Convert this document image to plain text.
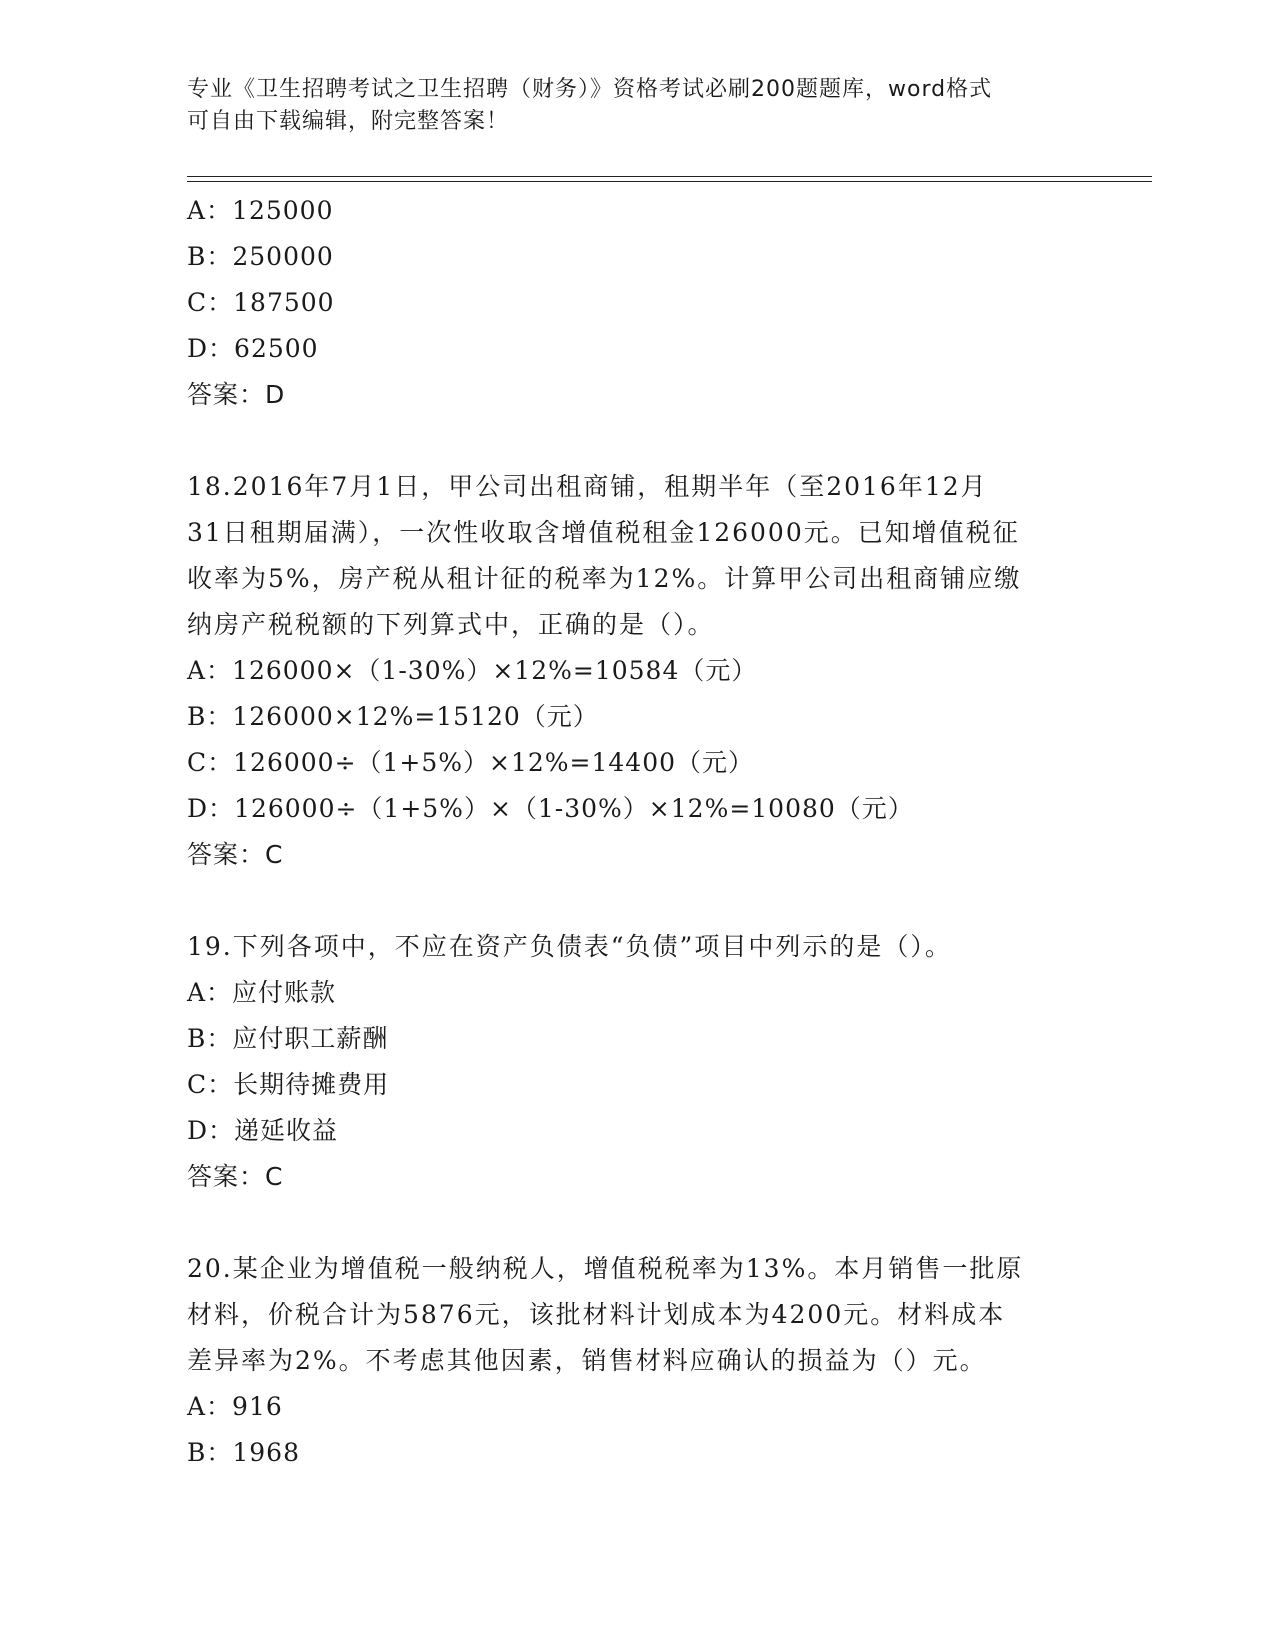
专业《卫生招聘考试之卫生招聘（财务）》资格考试必刷200题题库，word格式
可自由下载编辑，附完整答案！
A：125000
B：250000
C：187500
D：62500
答案：D
18.2016年7月1日，甲公司出租商铺，租期半年（至2016年12月
31日租期届满），一次性收取含增值税租金126000元。已知增值税征
收率为5%，房产税从租计征的税率为12%。计算甲公司出租商铺应缴
纳房产税税额的下列算式中，正确的是（）。
A：126000×（1-30%）×12%=10584（元）
B：126000×12%=15120（元）
C：126000÷（1+5%）×12%=14400（元）
D：126000÷（1+5%）×（1-30%）×12%=10080（元）
答案：C
19.下列各项中，不应在资产负债表“负债”项目中列示的是（）。
A：应付账款
B：应付职工薪酬
C：长期待摊费用
D：递延收益
答案：C
20.某企业为增值税一般纳税人，增值税税率为13%。本月销售一批原
材料，价税合计为5876元，该批材料计划成本为4200元。材料成本
差异率为2%。不考虑其他因素，销售材料应确认的损益为（）元。
A：916
B：1968
